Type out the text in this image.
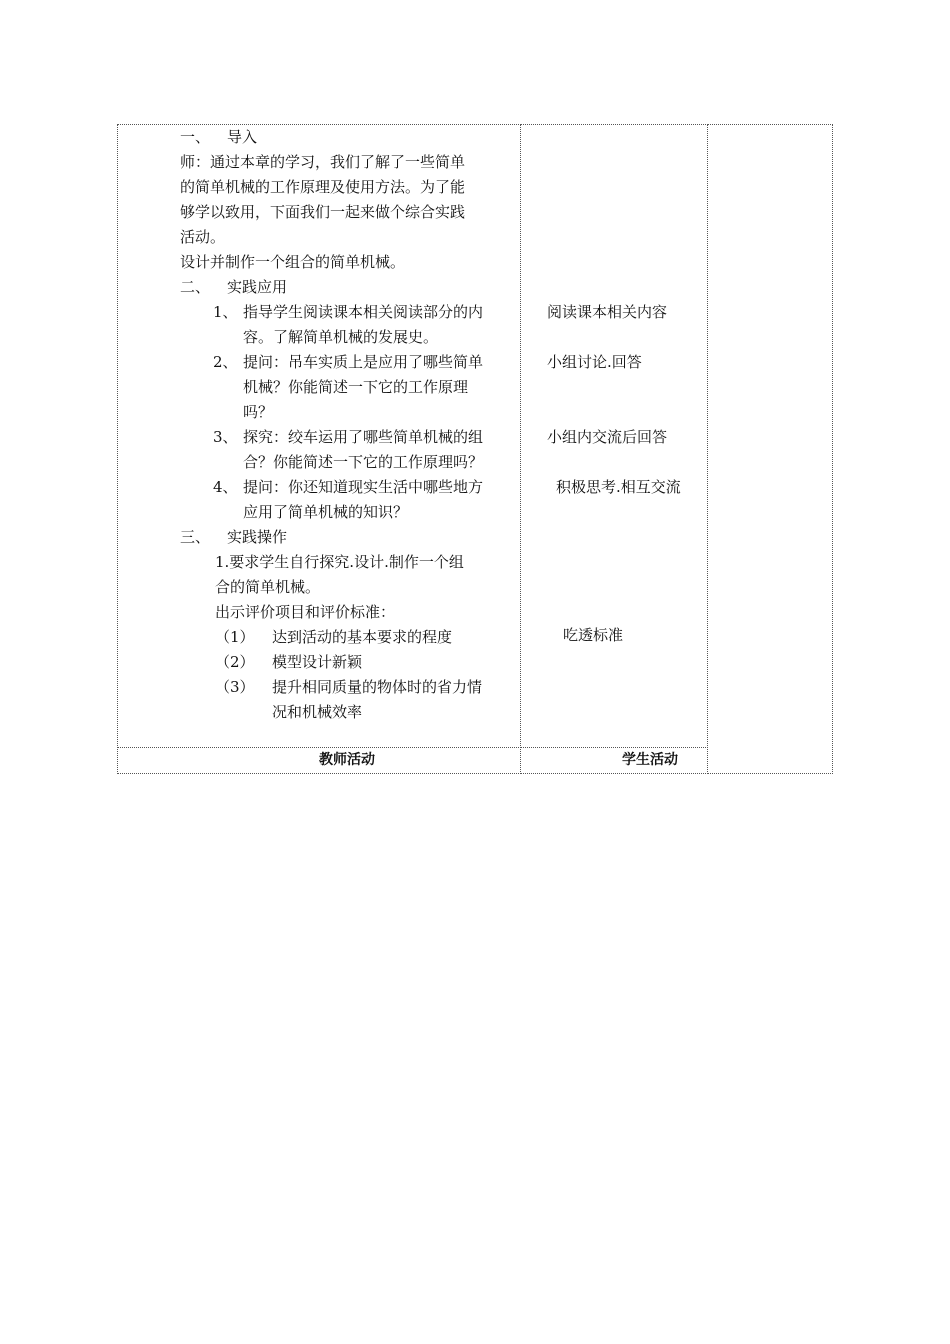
一、 导入
师：通过本章的学习，我们了解了一些简单
的简单机械的工作原理及使用方法。为了能
够学以致用，下面我们一起来做个综合实践
活动。
设计并制作一个组合的简单机械。
二、 实践应用
1、 指导学生阅读课本相关阅读部分的内
容。了解简单机械的发展史。
2、 提问：吊车实质上是应用了哪些简单
机械？你能简述一下它的工作原理
吗？
3、 探究：绞车运用了哪些简单机械的组
合？你能简述一下它的工作原理吗？
4、 提问：你还知道现实生活中哪些地方
应用了简单机械的知识？
三、 实践操作
1.要求学生自行探究.设计.制作一个组
合的简单机械。
出示评价项目和评价标准：
（1） 达到活动的基本要求的程度
（2） 模型设计新颖
（3） 提升相同质量的物体时的省力情
况和机械效率
阅读课本相关内容
小组讨论.回答
小组内交流后回答
积极思考.相互交流
吃透标准
教师活动	学生活动
